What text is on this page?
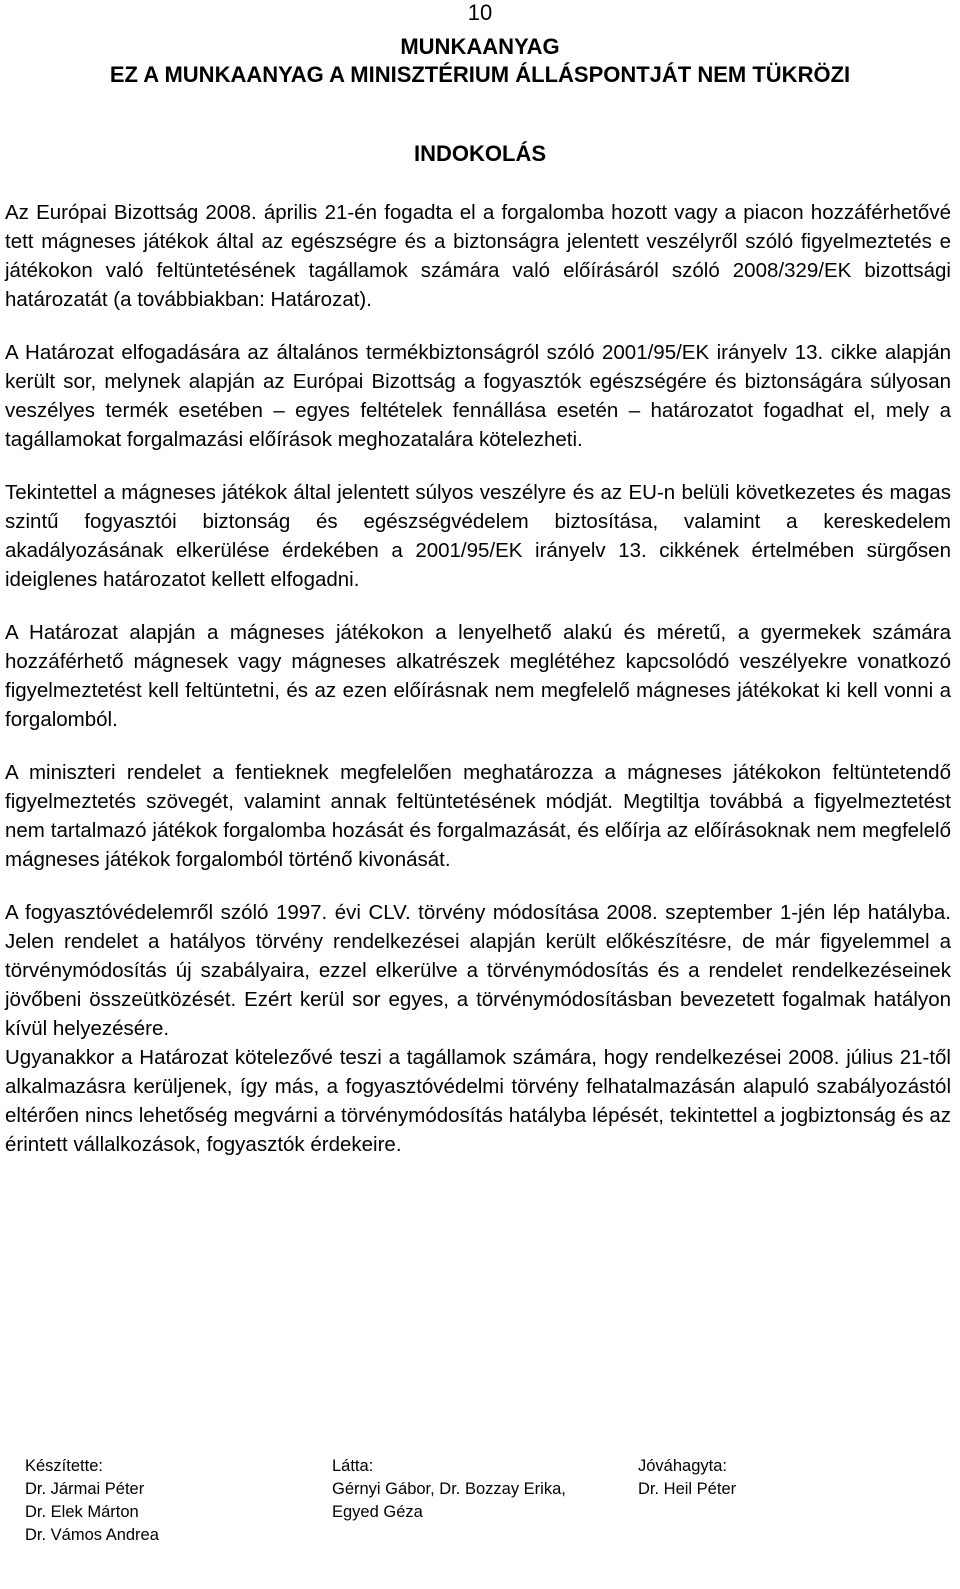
10
MUNKAANYAG
EZ A MUNKAANYAG A MINISZTÉRIUM ÁLLÁSPONTJÁT NEM TÜKRÖZI
INDOKOLÁS

Az Európai Bizottság 2008. április 21-én fogadta el a forgalomba hozott vagy a piacon hozzáférhetővé tett mágneses játékok által az egészségre és a biztonságra jelentett veszélyről szóló figyelmeztetés e játékokon való feltüntetésének tagállamok számára való előírásáról szóló 2008/329/EK bizottsági határozatát (a továbbiakban: Határozat).

A Határozat elfogadására az általános termékbiztonságról szóló 2001/95/EK irányelv 13. cikke alapján került sor, melynek alapján az Európai Bizottság a fogyasztók egészségére és biztonságára súlyosan veszélyes termék esetében – egyes feltételek fennállása esetén – határozatot fogadhat el, mely a tagállamokat forgalmazási előírások meghozatalára kötelezheti.

Tekintettel a mágneses játékok által jelentett súlyos veszélyre és az EU-n belüli következetes és magas szintű fogyasztói biztonság és egészségvédelem biztosítása, valamint a kereskedelem akadályozásának elkerülése érdekében a 2001/95/EK irányelv 13. cikkének értelmében sürgősen ideiglenes határozatot kellett elfogadni.

A Határozat alapján a mágneses játékokon a lenyelhető alakú és méretű, a gyermekek számára hozzáférhető mágnesek vagy mágneses alkatrészek meglétéhez kapcsolódó veszélyekre vonatkozó figyelmeztetést kell feltüntetni, és az ezen előírásnak nem megfelelő mágneses játékokat ki kell vonni a forgalomból.

A miniszteri rendelet a fentieknek megfelelően meghatározza a mágneses játékokon feltüntetendő figyelmeztetés szövegét, valamint annak feltüntetésének módját. Megtiltja továbbá a figyelmeztetést nem tartalmazó játékok forgalomba hozását és forgalmazását, és előírja az előírásoknak nem megfelelő mágneses játékok forgalomból történő kivonását.

A fogyasztóvédelemről szóló 1997. évi CLV. törvény módosítása 2008. szeptember 1-jén lép hatályba. Jelen rendelet a hatályos törvény rendelkezései alapján került előkészítésre, de már figyelemmel a törvénymódosítás új szabályaira, ezzel elkerülve a törvénymódosítás és a rendelet rendelkezéseinek jövőbeni összeütközését. Ezért kerül sor egyes, a törvénymódosításban bevezetett fogalmak hatályon kívül helyezésére.

Ugyanakkor a Határozat kötelezővé teszi a tagállamok számára, hogy rendelkezései 2008. július 21-től alkalmazásra kerüljenek, így más, a fogyasztóvédelmi törvény felhatalmazásán alapuló szabályozástól eltérően nincs lehetőség megvárni a törvénymódosítás hatályba lépését, tekintettel a jogbiztonság és az érintett vállalkozások, fogyasztók érdekeire.

Készítette:
Dr. Jármai Péter
Dr. Elek Márton
Dr. Vámos Andrea
Látta:
Gérnyi Gábor, Dr. Bozzay Erika,
Egyed Géza
Jóváhagyta:
Dr. Heil Péter
